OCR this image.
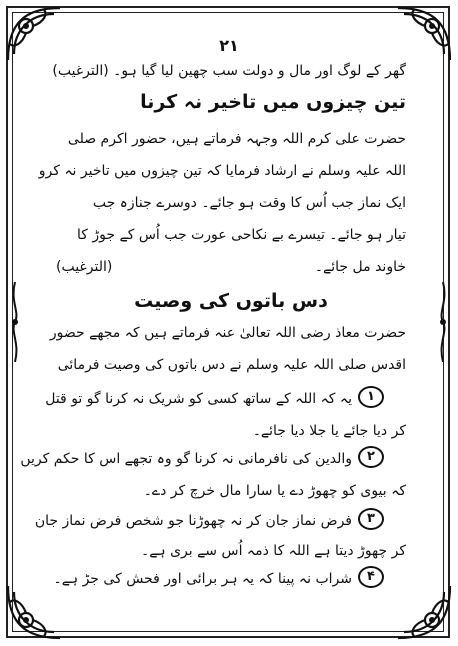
۲۱
گھر کے لوگ اور مال و دولت سب چھین لیا گیا ہو۔ (الترغیب)
تین چیزوں میں تاخیر نہ کرنا
حضرت علی کرم اللہ وجہہ فرماتے ہیں، حضور اکرم صلی
اللہ علیہ وسلم نے ارشاد فرمایا کہ تین چیزوں میں تاخیر نہ کرو
ایک نماز جب اُس کا وقت ہو جائے۔ دوسرے جنازہ جب
تیار ہو جائے۔ تیسرے بے نکاحی عورت جب اُس کے جوڑ کا
خاوند مل جائے۔
(الترغیب)
دس باتوں کی وصیت
حضرت معاذ رضی اللہ تعالیٰ عنہ فرماتے ہیں کہ مجھے حضور
اقدس صلی اللہ علیہ وسلم نے دس باتوں کی وصیت فرمائی
۱
یہ کہ اللہ کے ساتھ کسی کو شریک نہ کرنا گو تو قتل
کر دیا جائے یا جلا دیا جائے۔
۲
والدین کی نافرمانی نہ کرنا گو وہ تجھے اس کا حکم کریں
کہ بیوی کو چھوڑ دے یا سارا مال خرچ کر دے۔
۳
فرض نماز جان کر نہ چھوڑنا جو شخص فرض نماز جان
کر چھوڑ دیتا ہے اللہ کا ذمہ اُس سے بری ہے۔
۴
شراب نہ پینا کہ یہ ہر برائی اور فحش کی جڑ ہے۔
